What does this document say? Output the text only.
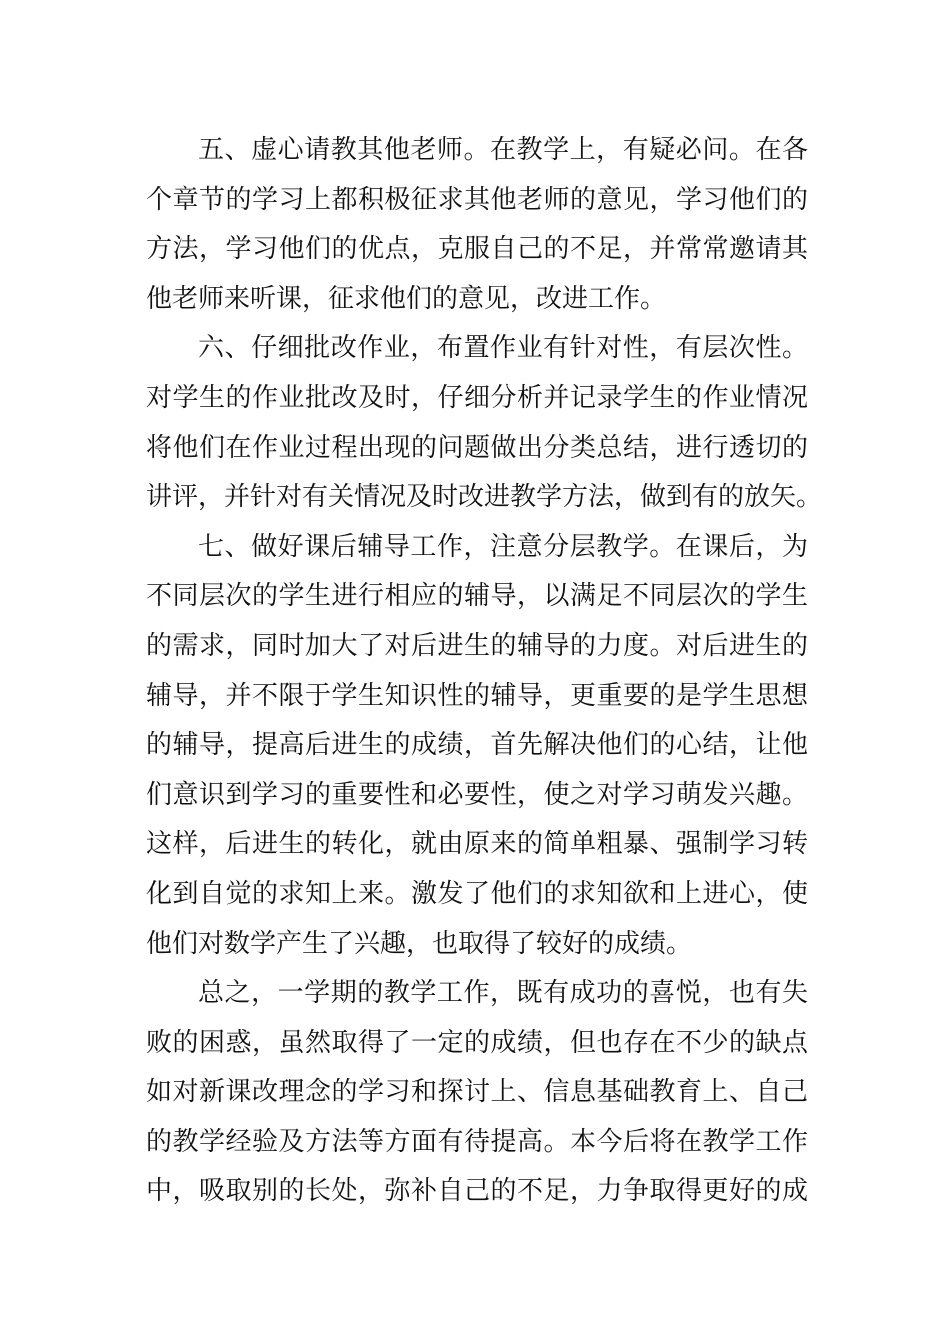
五、虚心请教其他老师。在教学上，有疑必问。在各
个章节的学习上都积极征求其他老师的意见，学习他们的
方法，学习他们的优点，克服自己的不足，并常常邀请其
他老师来听课，征求他们的意见，改进工作。
六、仔细批改作业，布置作业有针对性，有层次性。
对学生的作业批改及时，仔细分析并记录学生的作业情况
将他们在作业过程出现的问题做出分类总结，进行透切的
讲评，并针对有关情况及时改进教学方法，做到有的放矢。
七、做好课后辅导工作，注意分层教学。在课后，为
不同层次的学生进行相应的辅导，以满足不同层次的学生
的需求，同时加大了对后进生的辅导的力度。对后进生的
辅导，并不限于学生知识性的辅导，更重要的是学生思想
的辅导，提高后进生的成绩，首先解决他们的心结，让他
们意识到学习的重要性和必要性，使之对学习萌发兴趣。
这样，后进生的转化，就由原来的简单粗暴、强制学习转
化到自觉的求知上来。激发了他们的求知欲和上进心，使
他们对数学产生了兴趣，也取得了较好的成绩。
总之，一学期的教学工作，既有成功的喜悦，也有失
败的困惑，虽然取得了一定的成绩，但也存在不少的缺点
如对新课改理念的学习和探讨上、信息基础教育上、自己
的教学经验及方法等方面有待提高。本今后将在教学工作
中，吸取别的长处，弥补自己的不足，力争取得更好的成
